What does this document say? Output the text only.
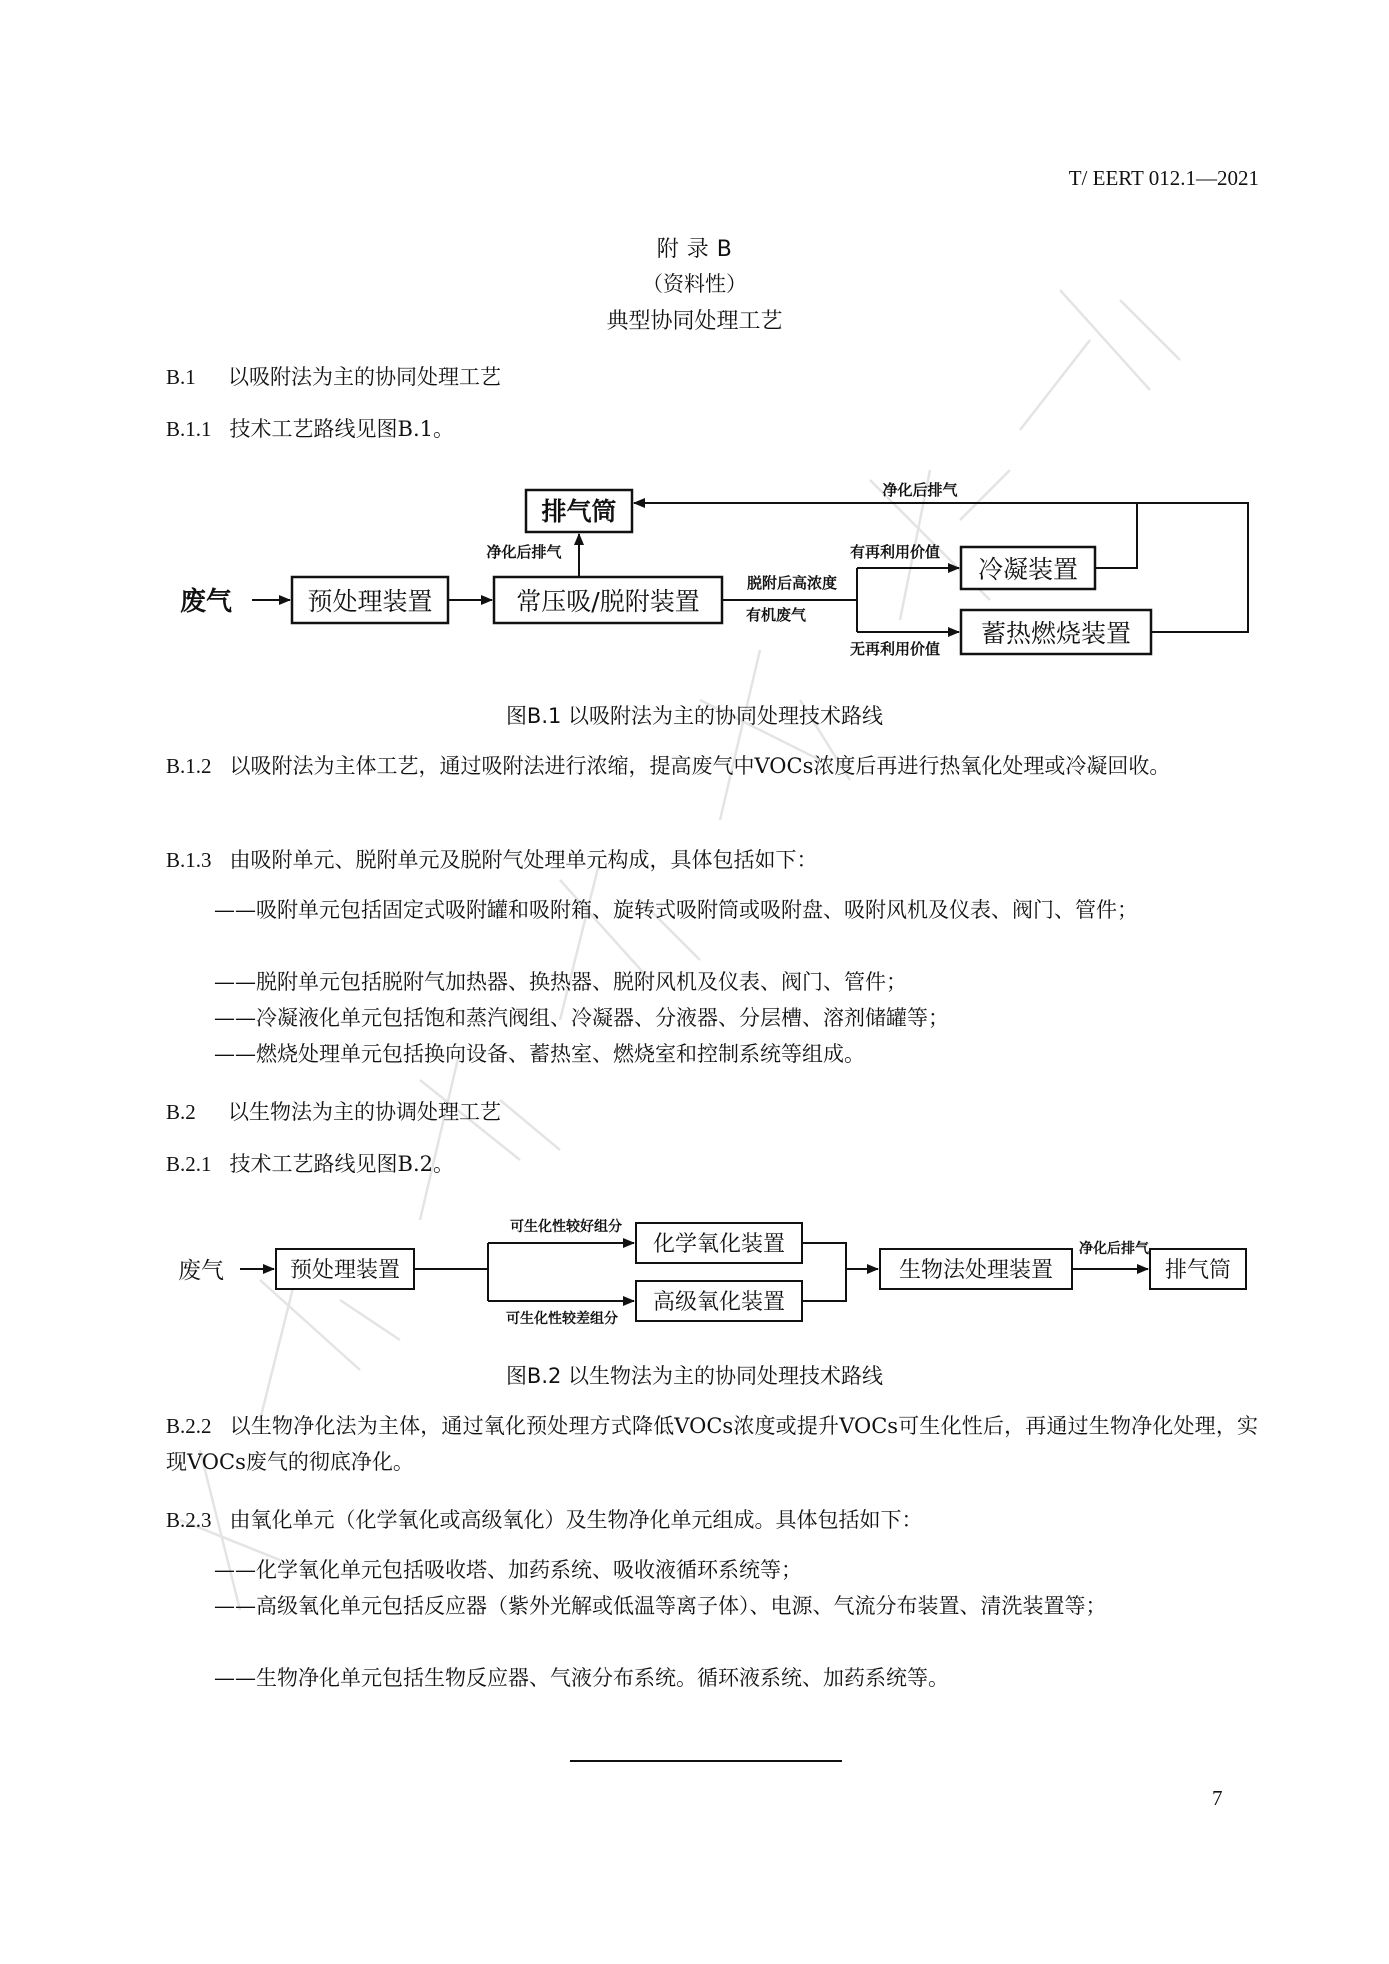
T/ EERT 012.1—2021
附 录 B
（资料性）
典型协同处理工艺
B.1 以吸附法为主的协同处理工艺
B.1.1 技术工艺路线见图B.1。
废气	预处理装置	常压吸/脱附装置
排气筒
冷凝装置
蓄热燃烧装置
净化后排气
净化后排气
脱附后高浓度
有机废气
有再利用价值
无再利用价值
图B.1 以吸附法为主的协同处理技术路线
B.1.2 以吸附法为主体工艺，通过吸附法进行浓缩，提高废气中VOCs浓度后再进行热氧化处理或冷凝回收。
B.1.3 由吸附单元、脱附单元及脱附气处理单元构成，具体包括如下：
——吸附单元包括固定式吸附罐和吸附箱、旋转式吸附筒或吸附盘、吸附风机及仪表、阀门、管件；
——脱附单元包括脱附气加热器、换热器、脱附风机及仪表、阀门、管件；
——冷凝液化单元包括饱和蒸汽阀组、冷凝器、分液器、分层槽、溶剂储罐等；
——燃烧处理单元包括换向设备、蓄热室、燃烧室和控制系统等组成。
B.2 以生物法为主的协调处理工艺
B.2.1 技术工艺路线见图B.2。
废气	预处理装置
化学氧化装置
高级氧化装置
生物法处理装置	排气筒
可生化性较好组分
可生化性较差组分
净化后排气
图B.2 以生物法为主的协同处理技术路线
B.2.2 以生物净化法为主体，通过氧化预处理方式降低VOCs浓度或提升VOCs可生化性后，再通过生物净化处理，实现VOCs废气的彻底净化。
B.2.3 由氧化单元（化学氧化或高级氧化）及生物净化单元组成。具体包括如下：
——化学氧化单元包括吸收塔、加药系统、吸收液循环系统等；
——高级氧化单元包括反应器（紫外光解或低温等离子体）、电源、气流分布装置、清洗装置等；
——生物净化单元包括生物反应器、气液分布系统。循环液系统、加药系统等。
7
